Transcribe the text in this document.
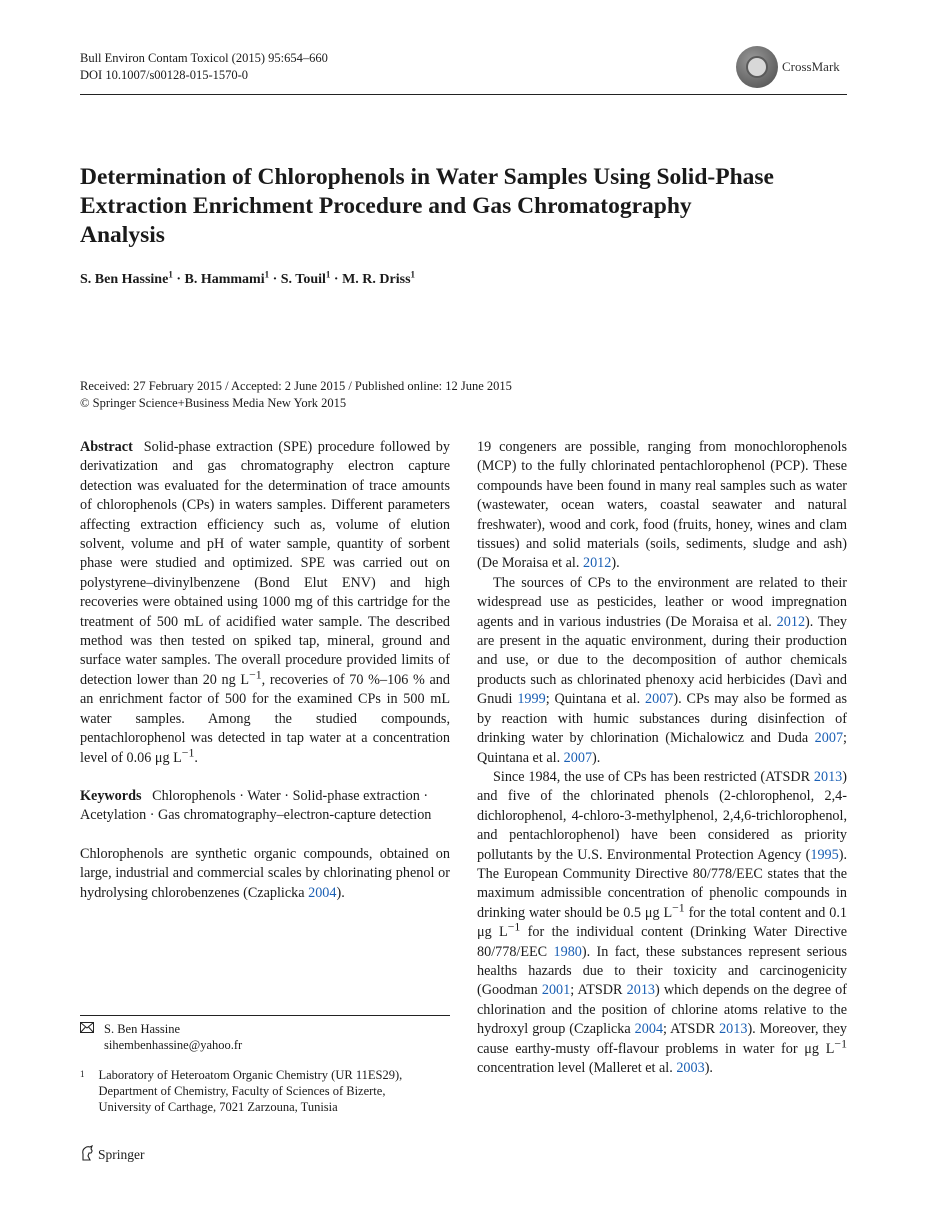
Bull Environ Contam Toxicol (2015) 95:654–660
DOI 10.1007/s00128-015-1570-0
CrossMark
Determination of Chlorophenols in Water Samples Using Solid-Phase Extraction Enrichment Procedure and Gas Chromatography Analysis
S. Ben Hassine$^1$ · B. Hammami$^1$ · S. Touil$^1$ · M. R. Driss$^1$
Received: 27 February 2015 / Accepted: 2 June 2015 / Published online: 12 June 2015
© Springer Science+Business Media New York 2015

Abstract Solid-phase extraction (SPE) procedure followed by derivatization and gas chromatography electron capture detection was evaluated for the determination of trace amounts of chlorophenols (CPs) in waters samples. Different parameters affecting extraction efficiency such as, volume of elution solvent, volume and pH of water sample, quantity of sorbent phase were studied and optimized. SPE was carried out on polystyrene–divinylbenzene (Bond Elut ENV) and high recoveries were obtained using 1000 mg of this cartridge for the treatment of 500 mL of acidified water sample. The described method was then tested on spiked tap, mineral, ground and surface water samples. The overall procedure provided limits of detection lower than 20 ng $L^{-1}$, recoveries of 70 %–106 % and an enrichment factor of 500 for the examined CPs in 500 mL water samples. Among the studied compounds, pentachlorophenol was detected in tap water at a concentration level of 0.06 μg $L^{-1}$.

Keywords Chlorophenols · Water · Solid-phase extraction · Acetylation · Gas chromatography–electron-capture detection

Chlorophenols are synthetic organic compounds, obtained on large, industrial and commercial scales by chlorinating phenol or hydrolysing chlorobenzenes (Czaplicka 2004).

S. Ben Hassine
sihembenhassine@yahoo.fr
1 Laboratory of Heteroatom Organic Chemistry (UR 11ES29),
Department of Chemistry, Faculty of Sciences of Bizerte,
University of Carthage, 7021 Zarzouna, Tunisia
Springer

19 congeners are possible, ranging from monochlorophenols (MCP) to the fully chlorinated pentachlorophenol (PCP). These compounds have been found in many real samples such as water (wastewater, ocean waters, coastal seawater and natural freshwater), wood and cork, food (fruits, honey, wines and clam tissues) and solid materials (soils, sediments, sludge and ash) (De Moraisa et al. 2012).

The sources of CPs to the environment are related to their widespread use as pesticides, leather or wood impregnation agents and in various industries (De Moraisa et al. 2012). They are present in the aquatic environment, during their production and use, or due to the decomposition of author chemicals products such as chlorinated phenoxy acid herbicides (Davì and Gnudi 1999; Quintana et al. 2007). CPs may also be formed as by reaction with humic substances during disinfection of drinking water by chlorination (Michalowicz and Duda 2007; Quintana et al. 2007).

Since 1984, the use of CPs has been restricted (ATSDR 2013) and five of the chlorinated phenols (2-chlorophenol, 2,4-dichlorophenol, 4-chloro-3-methylphenol, 2,4,6-trichlorophenol, and pentachlorophenol) have been considered as priority pollutants by the U.S. Environmental Protection Agency (1995). The European Community Directive 80/778/EEC states that the maximum admissible concentration of phenolic compounds in drinking water should be 0.5 μg $L^{-1}$ for the total content and 0.1 μg $L^{-1}$ for the individual content (Drinking Water Directive 80/778/EEC 1980). In fact, these substances represent serious healths hazards due to their toxicity and carcinogenicity (Goodman 2001; ATSDR 2013) which depends on the degree of chlorination and the position of chlorine atoms relative to the hydroxyl group (Czaplicka 2004; ATSDR 2013). Moreover, they cause earthy-musty off-flavour problems in water for μg $L^{-1}$ concentration level (Malleret et al. 2003).
